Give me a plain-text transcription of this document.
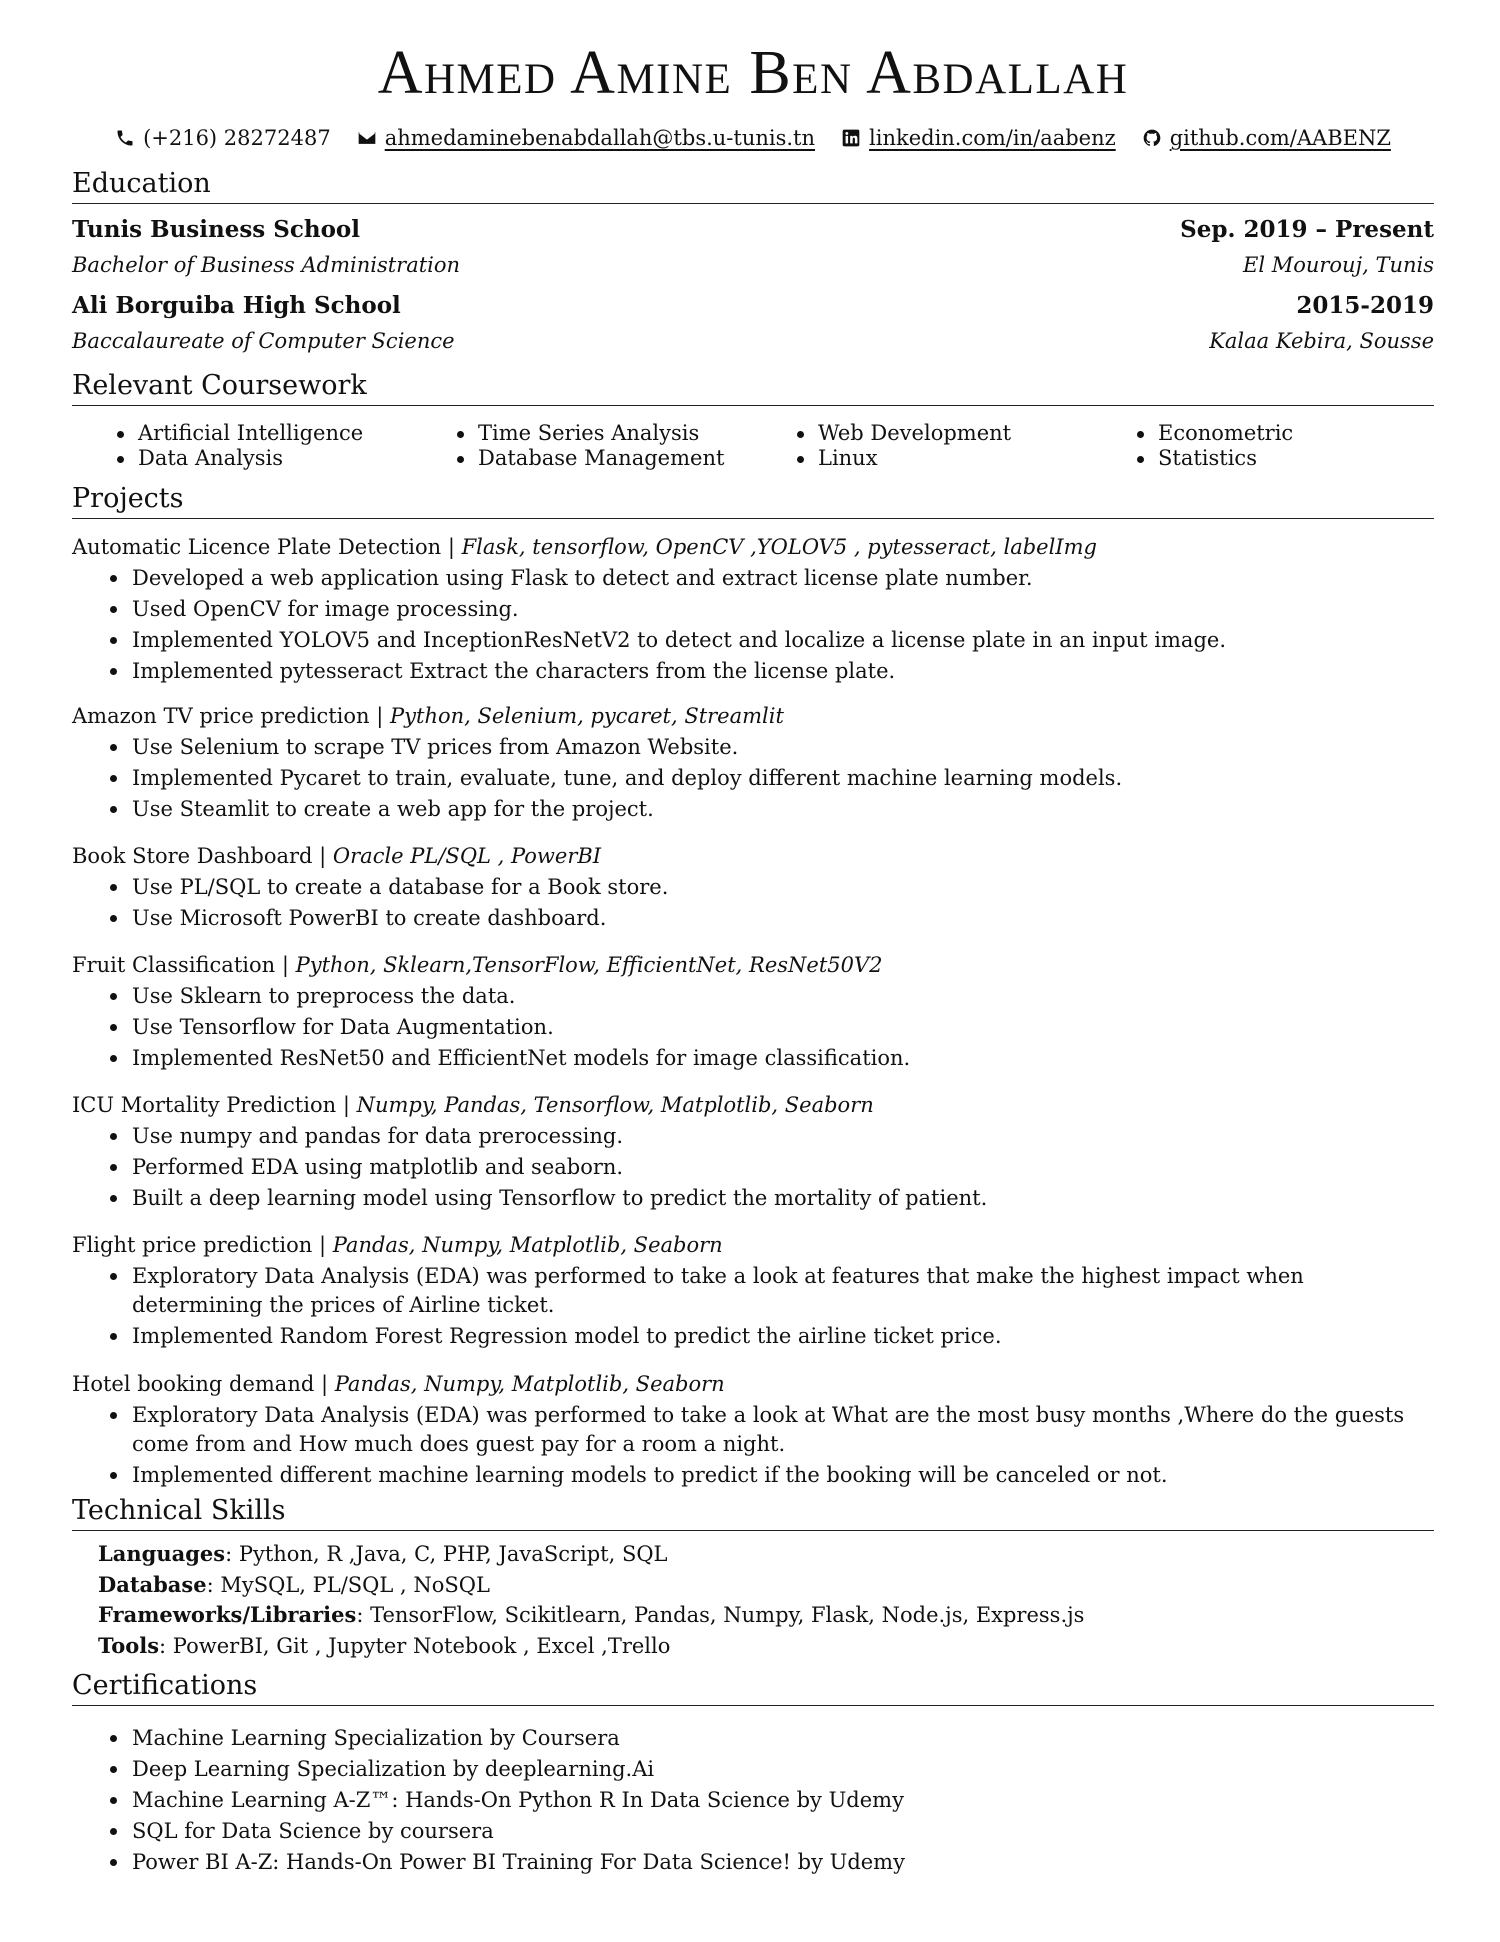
Ahmed Amine Ben Abdallah
(+216) 28272487	ahmedaminebenabdallah@tbs.u-tunis.tn	linkedin.com/in/aabenz	github.com/AABENZ
Education
Tunis Business School	Sep. 2019 – Present
Bachelor of Business Administration	El Mourouj, Tunis
Ali Borguiba High School	2015-2019
Baccalaureate of Computer Science	Kalaa Kebira, Sousse
Relevant Coursework
Artificial Intelligence	Time Series Analysis	Web Development	Econometric
Data Analysis	Database Management	Linux	Statistics
Projects
Automatic Licence Plate Detection | Flask, tensorflow, OpenCV ,YOLOV5 , pytesseract, labelImg
Developed a web application using Flask to detect and extract license plate number.
Used OpenCV for image processing.
Implemented YOLOV5 and InceptionResNetV2 to detect and localize a license plate in an input image.
Implemented pytesseract Extract the characters from the license plate.
Amazon TV price prediction | Python, Selenium, pycaret, Streamlit
Use Selenium to scrape TV prices from Amazon Website.
Implemented Pycaret to train, evaluate, tune, and deploy different machine learning models.
Use Steamlit to create a web app for the project.
Book Store Dashboard | Oracle PL/SQL , PowerBI
Use PL/SQL to create a database for a Book store.
Use Microsoft PowerBI to create dashboard.
Fruit Classification | Python, Sklearn,TensorFlow, EfficientNet, ResNet50V2
Use Sklearn to preprocess the data.
Use Tensorflow for Data Augmentation.
Implemented ResNet50 and EfficientNet models for image classification.
ICU Mortality Prediction | Numpy, Pandas, Tensorflow, Matplotlib, Seaborn
Use numpy and pandas for data prerocessing.
Performed EDA using matplotlib and seaborn.
Built a deep learning model using Tensorflow to predict the mortality of patient.
Flight price prediction | Pandas, Numpy, Matplotlib, Seaborn
Exploratory Data Analysis (EDA) was performed to take a look at features that make the highest impact when determining the prices of Airline ticket.
Implemented Random Forest Regression model to predict the airline ticket price.
Hotel booking demand | Pandas, Numpy, Matplotlib, Seaborn
Exploratory Data Analysis (EDA) was performed to take a look at What are the most busy months ,Where do the guests come from and How much does guest pay for a room a night.
Implemented different machine learning models to predict if the booking will be canceled or not.
Technical Skills
Languages: Python, R ,Java, C, PHP, JavaScript, SQL
Database: MySQL, PL/SQL , NoSQL
Frameworks/Libraries: TensorFlow, Scikitlearn, Pandas, Numpy, Flask, Node.js, Express.js
Tools: PowerBI, Git , Jupyter Notebook , Excel ,Trello
Certifications
Machine Learning Specialization by Coursera
Deep Learning Specialization by deeplearning.Ai
Machine Learning A-Z™: Hands-On Python R In Data Science by Udemy
SQL for Data Science by coursera
Power BI A-Z: Hands-On Power BI Training For Data Science! by Udemy
